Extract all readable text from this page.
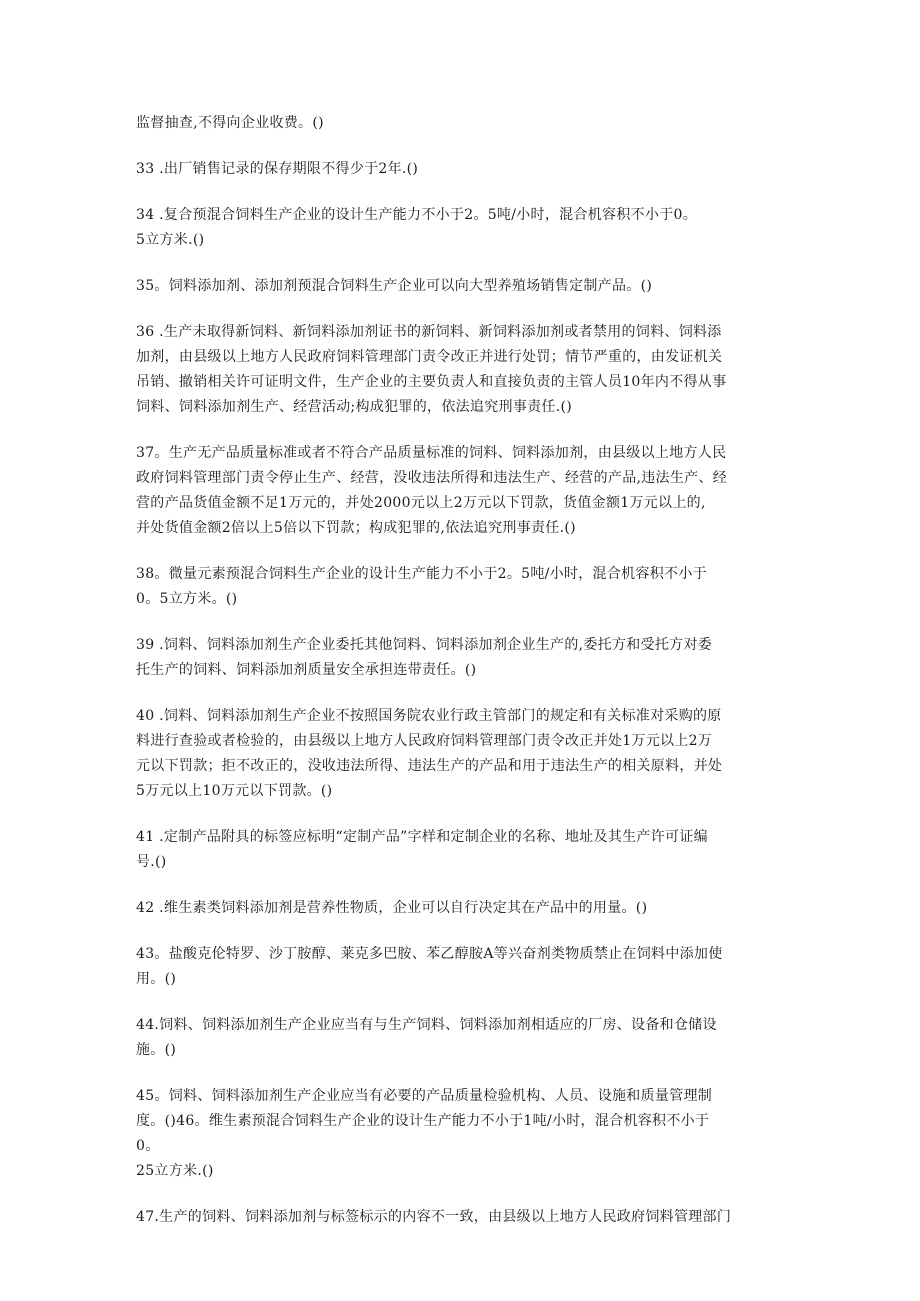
监督抽查,不得向企业收费。()
33 .出厂销售记录的保存期限不得少于2年.()
34 .复合预混合饲料生产企业的设计生产能力不小于2。5吨/小时，混合机容积不小于0。
5立方米.()
35。饲料添加剂、添加剂预混合饲料生产企业可以向大型养殖场销售定制产品。()
36 .生产未取得新饲料、新饲料添加剂证书的新饲料、新饲料添加剂或者禁用的饲料、饲料添
加剂，由县级以上地方人民政府饲料管理部门责令改正并进行处罚；情节严重的，由发证机关
吊销、撤销相关许可证明文件，生产企业的主要负责人和直接负责的主管人员10年内不得从事
饲料、饲料添加剂生产、经营活动;构成犯罪的，依法追究刑事责任.()
37。生产无产品质量标准或者不符合产品质量标准的饲料、饲料添加剂，由县级以上地方人民
政府饲料管理部门责令停止生产、经营，没收违法所得和违法生产、经营的产品,违法生产、经
营的产品货值金额不足1万元的，并处2000元以上2万元以下罚款，货值金额1万元以上的,
并处货值金额2倍以上5倍以下罚款；构成犯罪的,依法追究刑事责任.()
38。微量元素预混合饲料生产企业的设计生产能力不小于2。5吨/小时，混合机容积不小于
0。5立方米。()
39 .饲料、饲料添加剂生产企业委托其他饲料、饲料添加剂企业生产的,委托方和受托方对委
托生产的饲料、饲料添加剂质量安全承担连带责任。()
40 .饲料、饲料添加剂生产企业不按照国务院农业行政主管部门的规定和有关标准对采购的原
料进行查验或者检验的，由县级以上地方人民政府饲料管理部门责令改正并处1万元以上2万
元以下罚款；拒不改正的，没收违法所得、违法生产的产品和用于违法生产的相关原料，并处
5万元以上10万元以下罚款。()
41 .定制产品附具的标签应标明“定制产品”字样和定制企业的名称、地址及其生产许可证编
号.()
42 .维生素类饲料添加剂是营养性物质，企业可以自行决定其在产品中的用量。()
43。盐酸克伦特罗、沙丁胺醇、莱克多巴胺、苯乙醇胺A等兴奋剂类物质禁止在饲料中添加使
用。()
44.饲料、饲料添加剂生产企业应当有与生产饲料、饲料添加剂相适应的厂房、设备和仓储设
施。()
45。饲料、饲料添加剂生产企业应当有必要的产品质量检验机构、人员、设施和质量管理制
度。()46。维生素预混合饲料生产企业的设计生产能力不小于1吨/小时，混合机容积不小于
0。
25立方米.()
47.生产的饲料、饲料添加剂与标签标示的内容不一致，由县级以上地方人民政府饲料管理部门
